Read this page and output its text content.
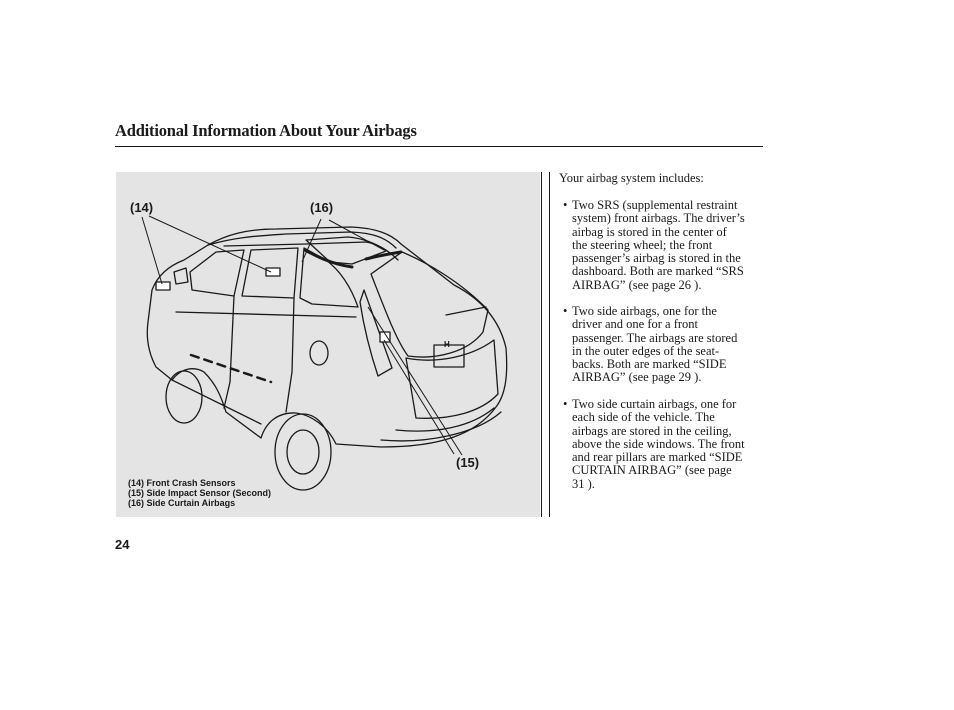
Additional Information About Your Airbags
H
(14)	(16)
(15)
(14) Front Crash Sensors
(15) Side Impact Sensor (Second)
(16) Side Curtain Airbags
Your airbag system includes:
• Two SRS (supplemental restraint
system) front airbags. The driver’s
airbag is stored in the center of
the steering wheel; the front
passenger’s airbag is stored in the
dashboard. Both are marked “SRS
AIRBAG” (see page 26 ).
• Two side airbags, one for the
driver and one for a front
passenger. The airbags are stored
in the outer edges of the seat-
backs. Both are marked “SIDE
AIRBAG” (see page 29 ).
• Two side curtain airbags, one for
each side of the vehicle. The
airbags are stored in the ceiling,
above the side windows. The front
and rear pillars are marked “SIDE
CURTAIN AIRBAG” (see page
31 ).
24
